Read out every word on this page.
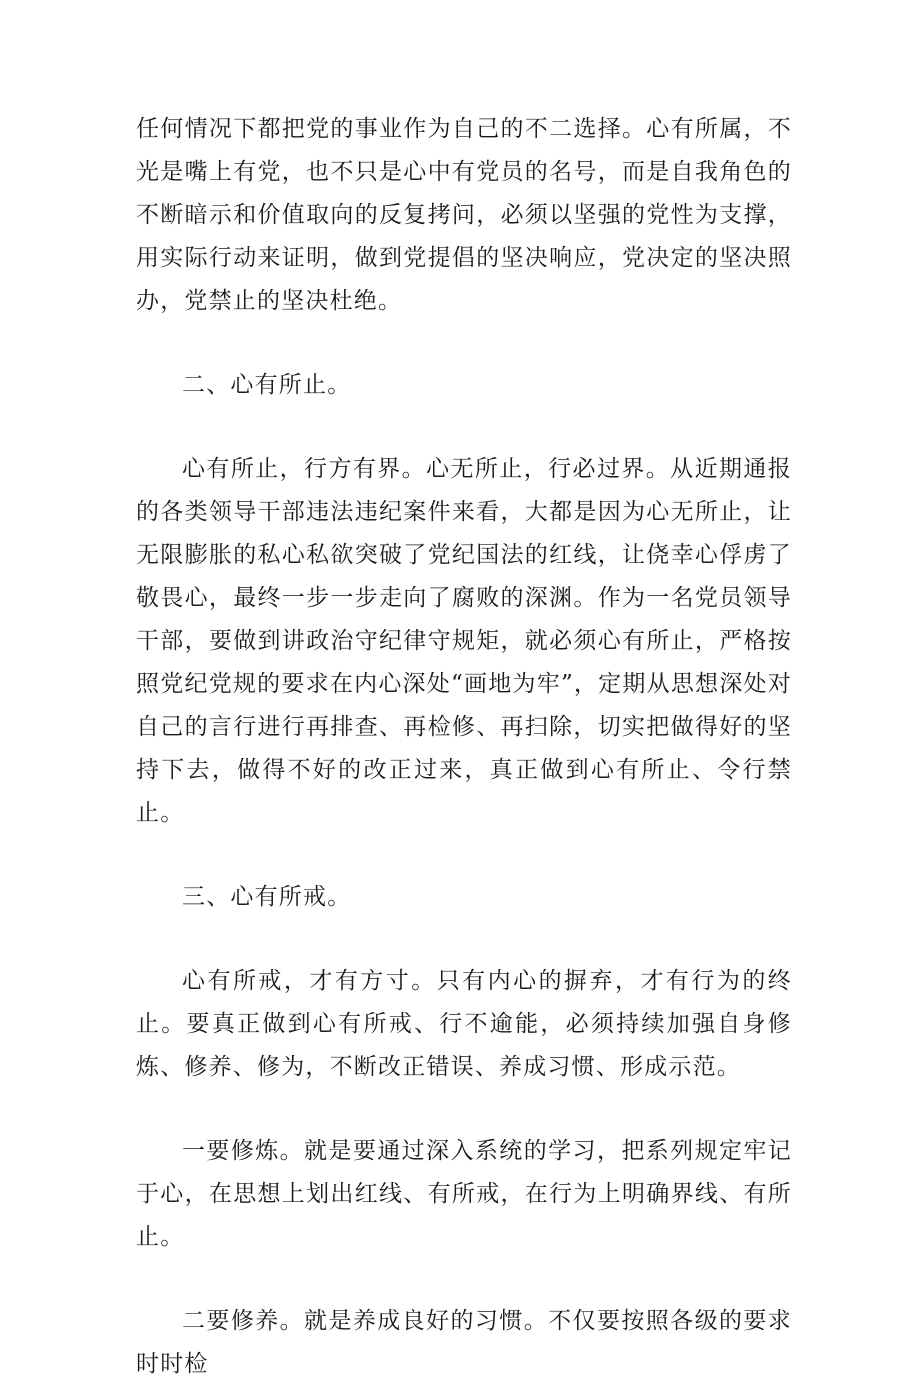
任何情况下都把党的事业作为自己的不二选择。心有所属，不光是嘴上有党，也不只是心中有党员的名号，而是自我角色的不断暗示和价值取向的反复拷问，必须以坚强的党性为支撑，用实际行动来证明，做到党提倡的坚决响应，党决定的坚决照办，党禁止的坚决杜绝。

二、心有所止。

心有所止，行方有界。心无所止，行必过界。从近期通报的各类领导干部违法违纪案件来看，大都是因为心无所止，让无限膨胀的私心私欲突破了党纪国法的红线，让侥幸心俘虏了敬畏心，最终一步一步走向了腐败的深渊。作为一名党员领导干部，要做到讲政治守纪律守规矩，就必须心有所止，严格按照党纪党规的要求在内心深处“画地为牢”，定期从思想深处对自己的言行进行再排查、再检修、再扫除，切实把做得好的坚持下去，做得不好的改正过来，真正做到心有所止、令行禁止。

三、心有所戒。

心有所戒，才有方寸。只有内心的摒弃，才有行为的终止。要真正做到心有所戒、行不逾能，必须持续加强自身修炼、修养、修为，不断改正错误、养成习惯、形成示范。

一要修炼。就是要通过深入系统的学习，把系列规定牢记于心，在思想上划出红线、有所戒，在行为上明确界线、有所止。

二要修养。就是养成良好的习惯。不仅要按照各级的要求时时检
